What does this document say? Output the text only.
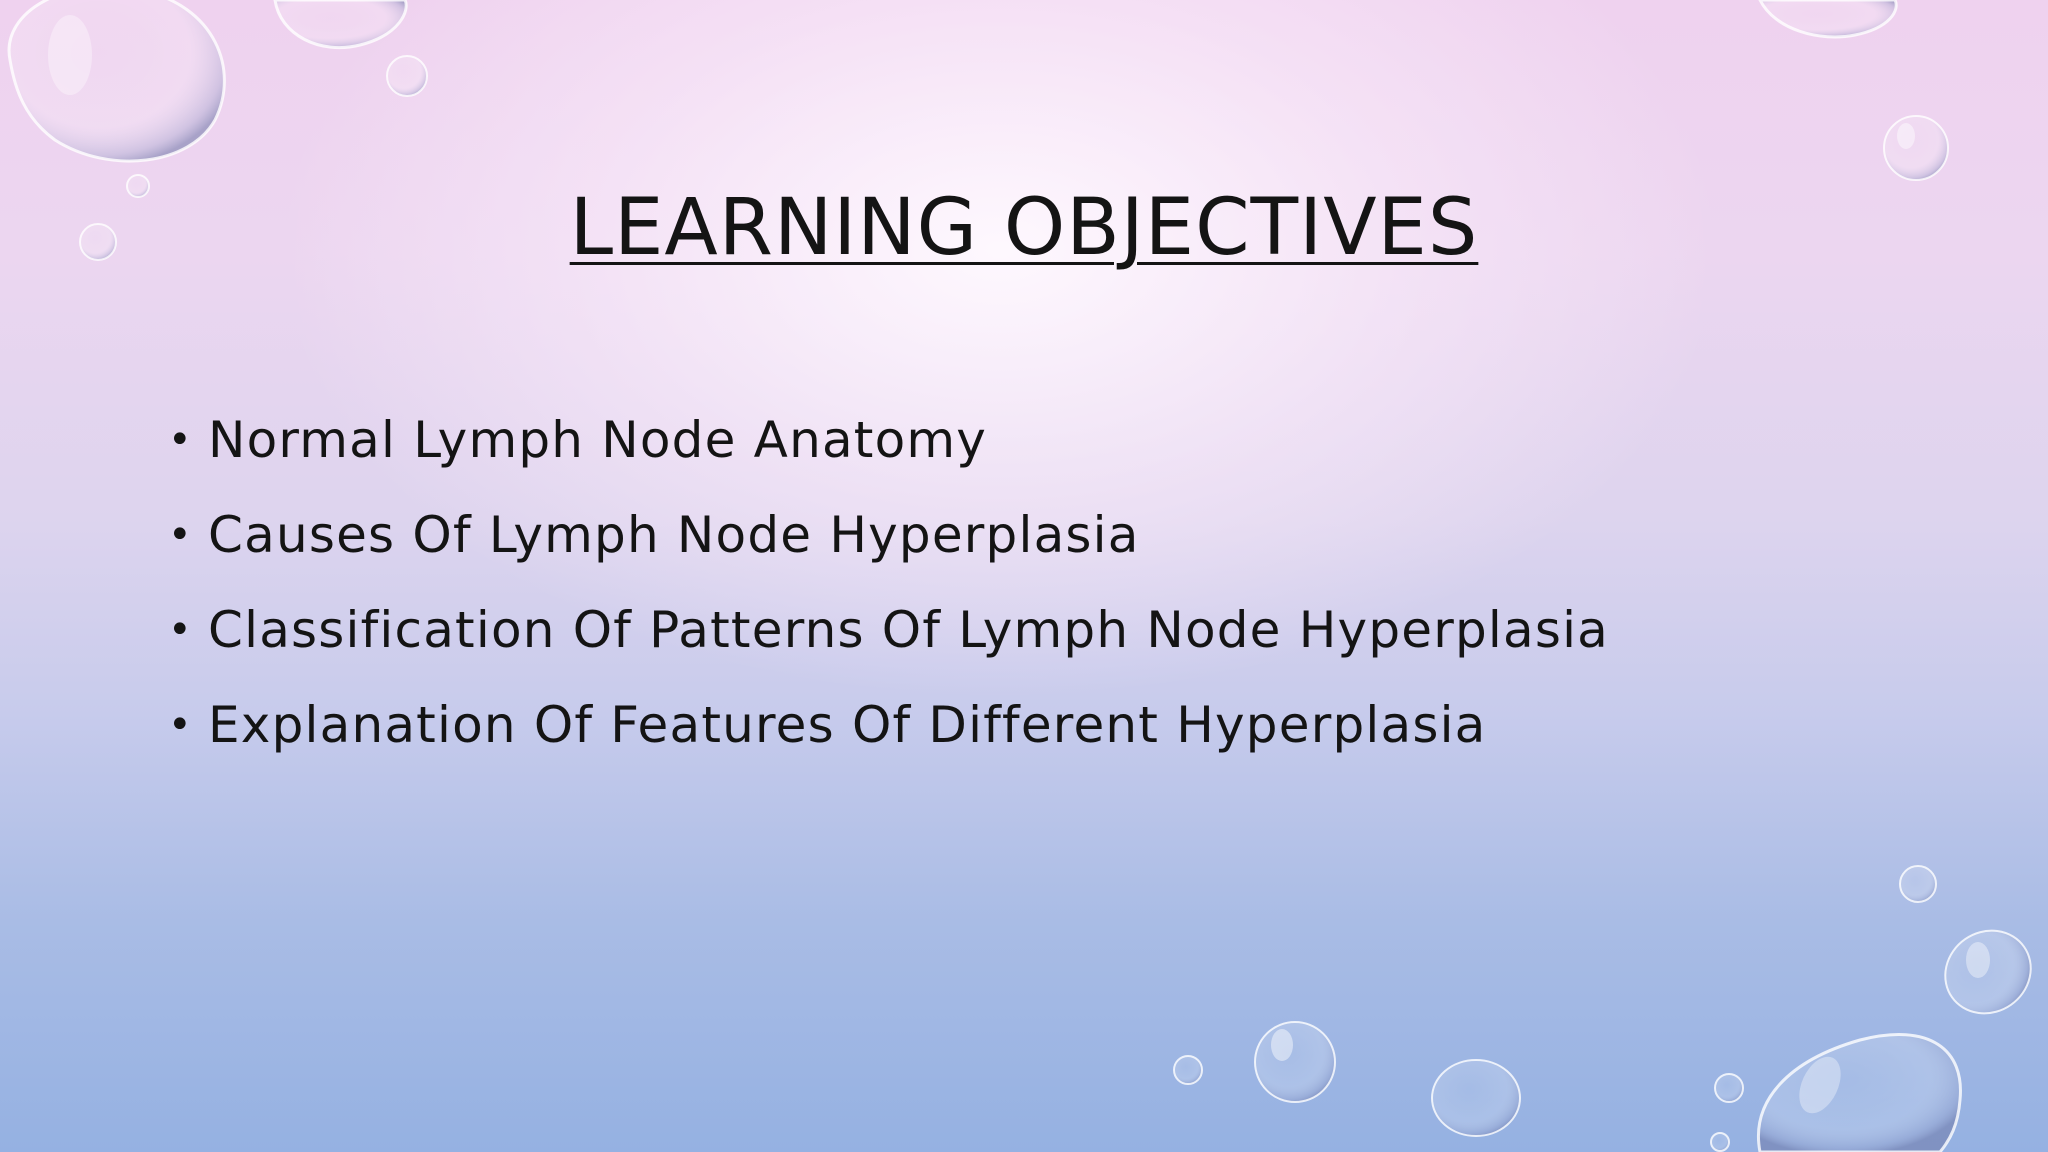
LEARNING OBJECTIVES
• Normal Lymph Node Anatomy
• Causes Of Lymph Node Hyperplasia
• Classification Of Patterns Of Lymph Node Hyperplasia
• Explanation Of Features Of Different Hyperplasia
